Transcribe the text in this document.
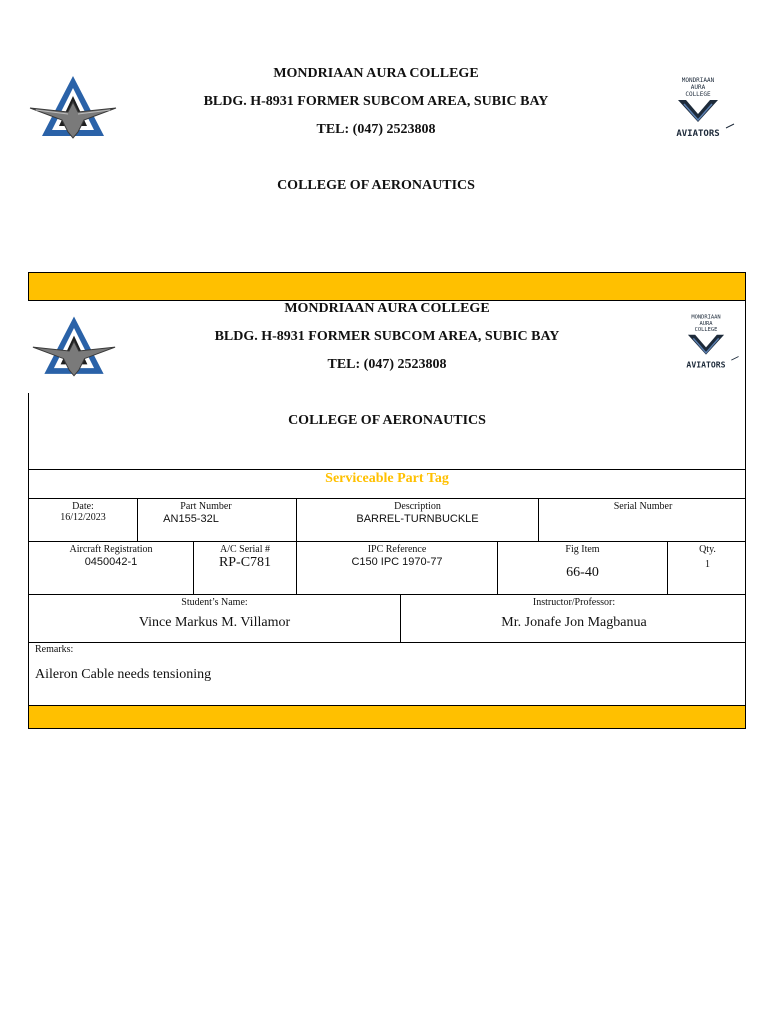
MONDRIAAN AURA COLLEGE
BLDG. H-8931 FORMER SUBCOM AREA, SUBIC BAY
TEL: (047) 2523808
COLLEGE OF AERONAUTICS
MONDRIAAN
AURA
COLLEGE
AVIATORS
MONDRIAAN AURA COLLEGE
BLDG. H-8931 FORMER SUBCOM AREA, SUBIC BAY
TEL: (047) 2523808
COLLEGE OF AERONAUTICS
MONDRIAAN
AURA
COLLEGE
AVIATORS
Serviceable Part Tag
Date:
16/12/2023
Part Number
AN155-32L
Description
BARREL-TURNBUCKLE
Serial Number
Aircraft Registration
0450042-1
A/C Serial #
RP-C781
IPC Reference
C150 IPC 1970-77
Fig Item
66-40
Qty.
1
Student’s Name:
Vince Markus M. Villamor
Instructor/Professor:
Mr. Jonafe Jon Magbanua
Remarks:
Aileron Cable needs tensioning
